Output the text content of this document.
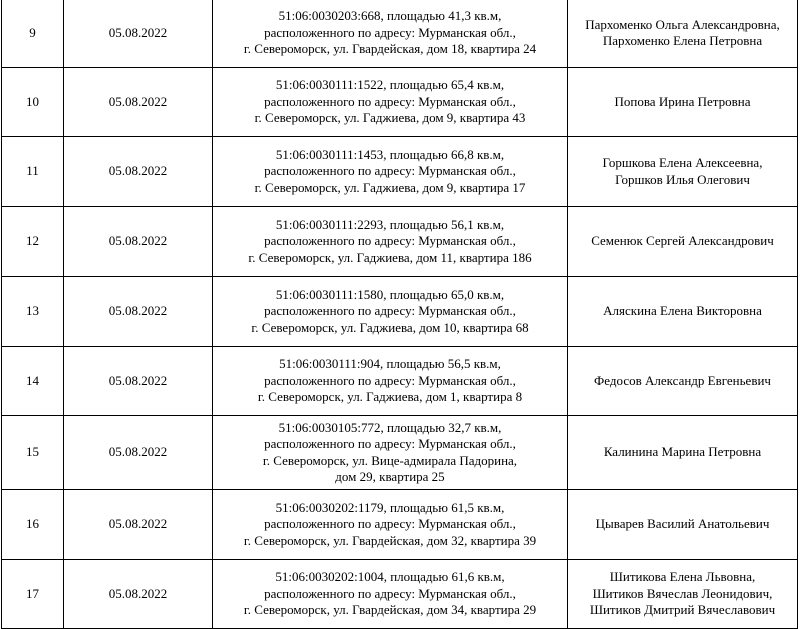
9	05.08.2022	51:06:0030203:668, площадью 41,3 кв.м,
расположенного по адресу: Мурманская обл.,
г. Североморск, ул. Гвардейская, дом 18, квартира 24	Пархоменко Ольга Александровна,
Пархоменко Елена Петровна

10	05.08.2022	51:06:0030111:1522, площадью 65,4 кв.м,
расположенного по адресу: Мурманская обл.,
г. Североморск, ул. Гаджиева, дом 9, квартира 43	Попова Ирина Петровна

11	05.08.2022	51:06:0030111:1453, площадью 66,8 кв.м,
расположенного по адресу: Мурманская обл.,
г. Североморск, ул. Гаджиева, дом 9, квартира 17	Горшкова Елена Алексеевна,
Горшков Илья Олегович

12	05.08.2022	51:06:0030111:2293, площадью 56,1 кв.м,
расположенного по адресу: Мурманская обл.,
г. Североморск, ул. Гаджиева, дом 11, квартира 186	Семенюк Сергей Александрович

13	05.08.2022	51:06:0030111:1580, площадью 65,0 кв.м,
расположенного по адресу: Мурманская обл.,
г. Североморск, ул. Гаджиева, дом 10, квартира 68	Аляскина Елена Викторовна

14	05.08.2022	51:06:0030111:904, площадью 56,5 кв.м,
расположенного по адресу: Мурманская обл.,
г. Североморск, ул. Гаджиева, дом 1, квартира 8	Федосов Александр Евгеньевич

15	05.08.2022	51:06:0030105:772, площадью 32,7 кв.м,
расположенного по адресу: Мурманская обл.,
г. Североморск, ул. Вице-адмирала Падорина,
дом 29, квартира 25	Калинина Марина Петровна

16	05.08.2022	51:06:0030202:1179, площадью 61,5 кв.м,
расположенного по адресу: Мурманская обл.,
г. Североморск, ул. Гвардейская, дом 32, квартира 39	Цыварев Василий Анатольевич

17	05.08.2022	51:06:0030202:1004, площадью 61,6 кв.м,
расположенного по адресу: Мурманская обл.,
г. Североморск, ул. Гвардейская, дом 34, квартира 29	Шитикова Елена Львовна,
Шитиков Вячеслав Леонидович,
Шитиков Дмитрий Вячеславович
